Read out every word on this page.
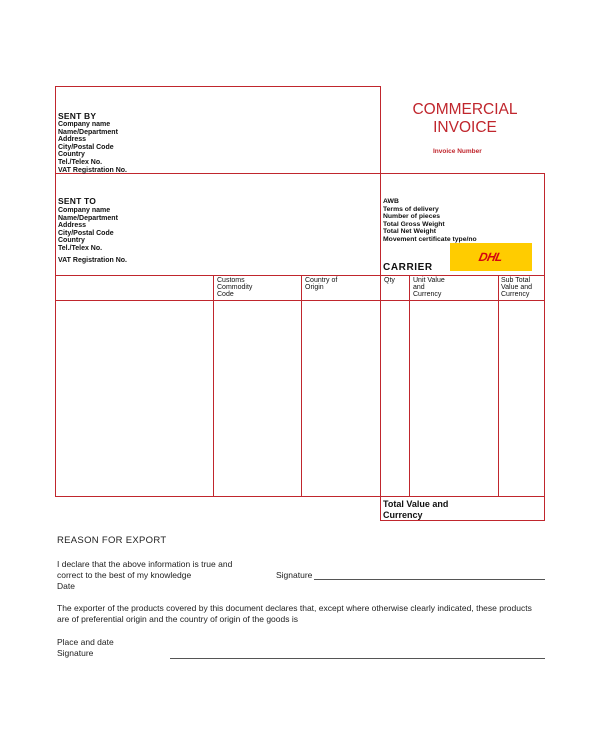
COMMERCIAL
INVOICE
Invoice Number
SENT BY
Company name
Name/Department
Address
City/Postal Code
Country
Tel./Telex No.
VAT Registration No.
SENT TO
Company name
Name/Department
Address
City/Postal Code
Country
Tel./Telex No.
VAT Registration No.
AWB
Terms of delivery
Number of pieces
Total Gross Weight
Total Net Weight
Movement certificate type/no
CARRIER
DHL
Customs
Commodity
Code
Country of
Origin
Qty	Unit Value
and
Currency
Sub Total
Value and
Currency
Total Value and
Currency
REASON FOR EXPORT
I declare that the above information is true and
correct to the best of my knowledge
Date
Signature
The exporter of the products covered by this document declares that, except where otherwise clearly indicated, these products
are of preferential origin and the country of origin of the goods is
Place and date
Signature
